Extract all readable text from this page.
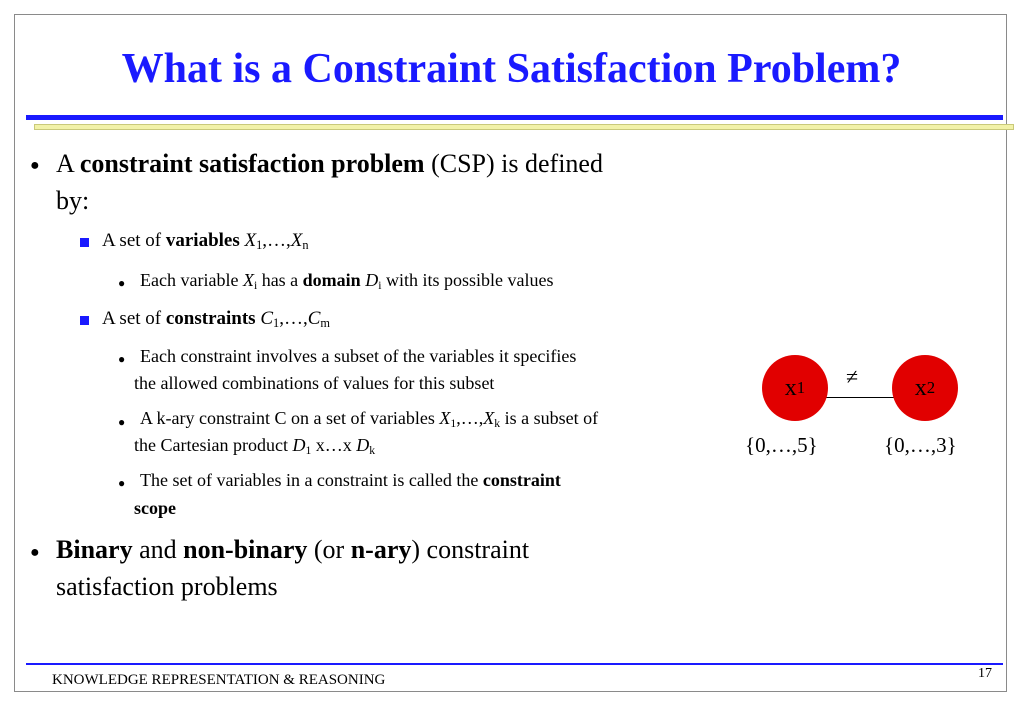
What is a Constraint Satisfaction Problem?
● A constraint satisfaction problem (CSP) is defined
by:
A set of variables $X_1,\dots,X_n$
● Each variable $X_i$ has a domain $D_i$ with its possible values
A set of constraints $C_1,\dots,C_m$
● Each constraint involves a subset of the variables it specifies
the allowed combinations of values for this subset
● A k-ary constraint C on a set of variables $X_1,\dots,X_k$ is a subset of
the Cartesian product $D_1$ x…x $D_k$
● The set of variables in a constraint is called the constraint
scope
● Binary and non-binary (or n-ary) constraint
satisfaction problems
≠
x 1	x 2
{0,…,5}	{0,…,3}
KNOWLEDGE REPRESENTATION & REASONING	17
